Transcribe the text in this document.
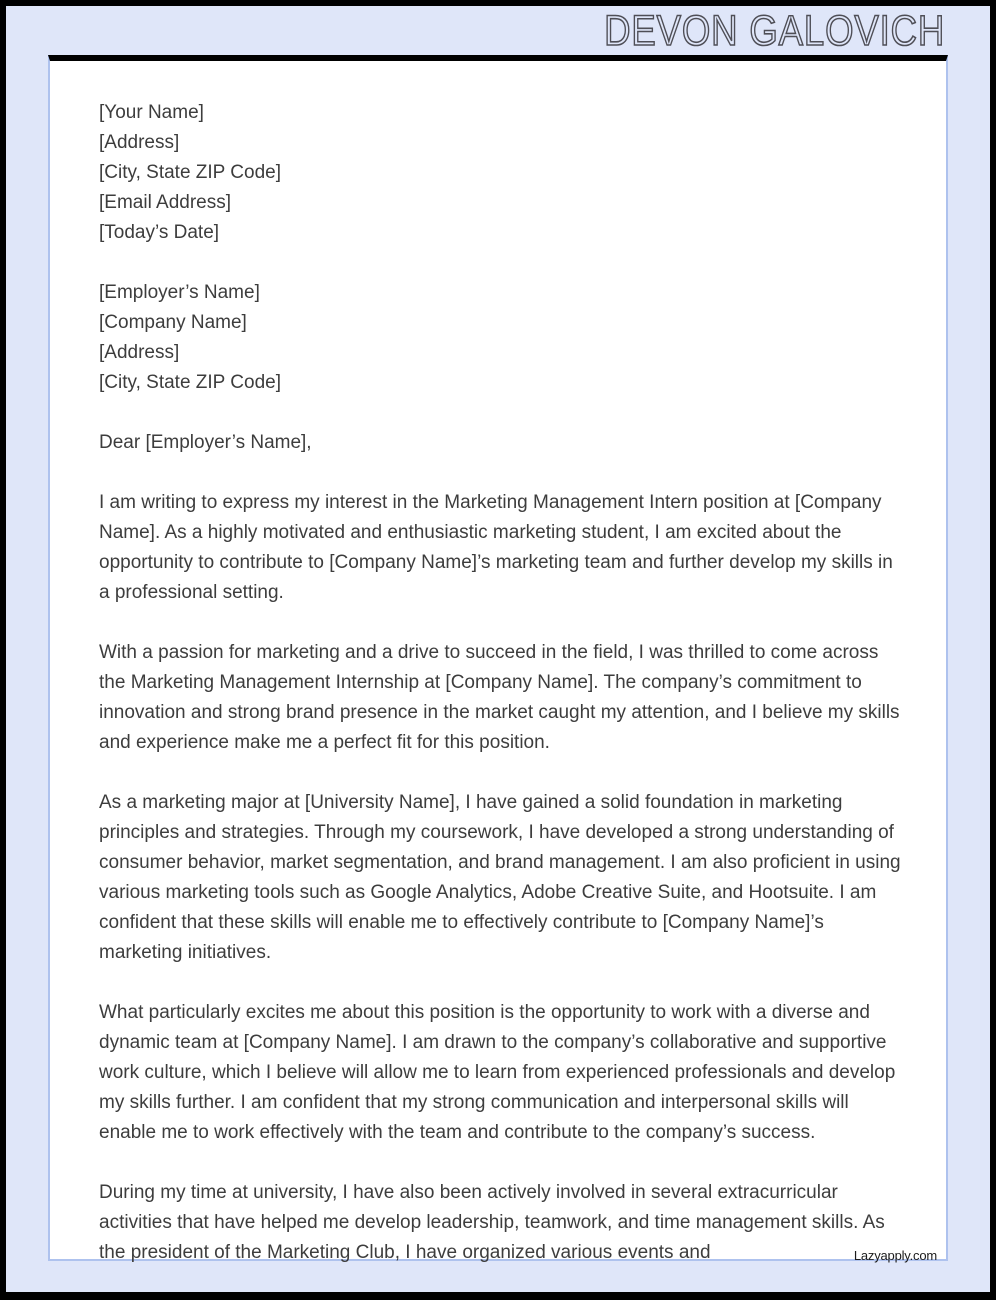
DEVON GALOVICH
[Your Name]
[Address]
[City, State ZIP Code]
[Email Address]
[Today’s Date]
[Employer’s Name]
[Company Name]
[Address]
[City, State ZIP Code]
Dear [Employer’s Name],

I am writing to express my interest in the Marketing Management Intern position at [Company Name]. As a highly motivated and enthusiastic marketing student, I am excited about the opportunity to contribute to [Company Name]’s marketing team and further develop my skills in a professional setting.

With a passion for marketing and a drive to succeed in the field, I was thrilled to come across the Marketing Management Internship at [Company Name]. The company’s commitment to innovation and strong brand presence in the market caught my attention, and I believe my skills and experience make me a perfect fit for this position.

As a marketing major at [University Name], I have gained a solid foundation in marketing principles and strategies. Through my coursework, I have developed a strong understanding of consumer behavior, market segmentation, and brand management. I am also proficient in using various marketing tools such as Google Analytics, Adobe Creative Suite, and Hootsuite. I am confident that these skills will enable me to effectively contribute to [Company Name]’s marketing initiatives.

What particularly excites me about this position is the opportunity to work with a diverse and dynamic team at [Company Name]. I am drawn to the company’s collaborative and supportive work culture, which I believe will allow me to learn from experienced professionals and develop my skills further. I am confident that my strong communication and interpersonal skills will enable me to work effectively with the team and contribute to the company’s success.

During my time at university, I have also been actively involved in several extracurricular activities that have helped me develop leadership, teamwork, and time management skills. As the president of the Marketing Club, I have organized various events and	Lazyapply.com
